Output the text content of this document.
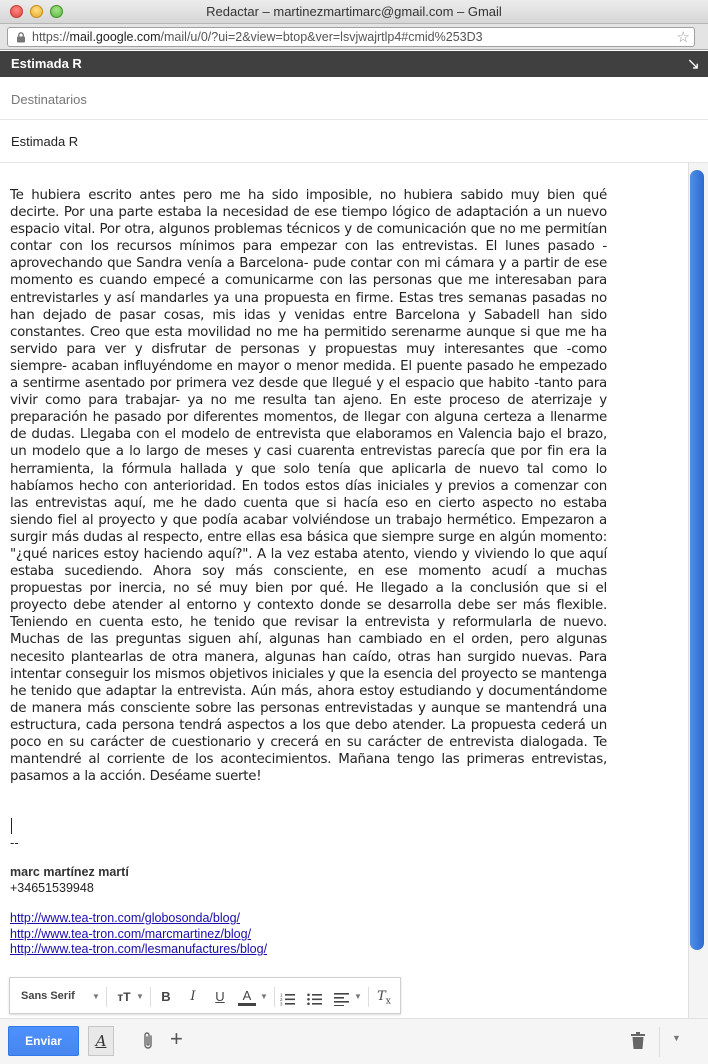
Redactar – martinezmartimarc@gmail.com – Gmail
https://mail.google.com/mail/u/0/?ui=2&view=btop&ver=lsvjwajrtlp4#cmid%253D3	☆
Estimada R	↘
Destinatarios
Estimada R
Te hubiera escrito antes pero me ha sido imposible, no hubiera sabido muy bien qué decirte. Por una parte estaba la necesidad de ese tiempo lógico de adaptación a un nuevo espacio vital. Por otra, algunos problemas técnicos y de comunicación que no me permitían contar con los recursos mínimos para empezar con las entrevistas. El lunes pasado -aprovechando que Sandra venía a Barcelona- pude contar con mi cámara y a partir de ese momento es cuando empecé a comunicarme con las personas que me interesaban para entrevistarles y así mandarles ya una propuesta en firme. Estas tres semanas pasadas no han dejado de pasar cosas, mis idas y venidas entre Barcelona y Sabadell han sido constantes. Creo que esta movilidad no me ha permitido serenarme aunque si que me ha servido para ver y disfrutar de personas y propuestas muy interesantes que -como siempre- acaban influyéndome en mayor o menor medida. El puente pasado he empezado a sentirme asentado por primera vez desde que llegué y el espacio que habito -tanto para vivir como para trabajar- ya no me resulta tan ajeno. En este proceso de aterrizaje y preparación he pasado por diferentes momentos, de llegar con alguna certeza a llenarme de dudas. Llegaba con el modelo de entrevista que elaboramos en Valencia bajo el brazo, un modelo que a lo largo de meses y casi cuarenta entrevistas parecía que por fin era la herramienta, la fórmula hallada y que solo tenía que aplicarla de nuevo tal como lo habíamos hecho con anterioridad. En todos estos días iniciales y previos a comenzar con las entrevistas aquí, me he dado cuenta que si hacía eso en cierto aspecto no estaba siendo fiel al proyecto y que podía acabar volviéndose un trabajo hermético. Empezaron a surgir más dudas al respecto, entre ellas esa básica que siempre surge en algún momento: "¿qué narices estoy haciendo aquí?". A la vez estaba atento, viendo y viviendo lo que aquí estaba sucediendo. Ahora soy más consciente, en ese momento acudí a muchas propuestas por inercia, no sé muy bien por qué. He llegado a la conclusión que si el proyecto debe atender al entorno y contexto donde se desarrolla debe ser más flexible. Teniendo en cuenta esto, he tenido que revisar la entrevista y reformularla de nuevo. Muchas de las preguntas siguen ahí, algunas han cambiado en el orden, pero algunas necesito plantearlas de otra manera, algunas han caído, otras han surgido nuevas. Para intentar conseguir los mismos objetivos iniciales y que la esencia del proyecto se mantenga he tenido que adaptar la entrevista. Aún más, ahora estoy estudiando y documentándome de manera más consciente sobre las personas entrevistadas y aunque se mantendrá una estructura, cada persona tendrá aspectos a los que debo atender. La propuesta cederá un poco en su carácter de cuestionario y crecerá en su carácter de entrevista dialogada. Te mantendré al corriente de los acontecimientos. Mañana tengo las primeras entrevistas, pasamos a la acción. Deséame suerte!
--
marc martínez martí
+34651539948
http://www.tea-tron.com/globosonda/blog/
http://www.tea-tron.com/marcmartinez/blog/
http://www.tea-tron.com/lesmanufactures/blog/
Sans Serif ▼ тT ▼ B	I	U	A	▼	1
2
3
▼ $T_x$
Enviar	A	+	▼
